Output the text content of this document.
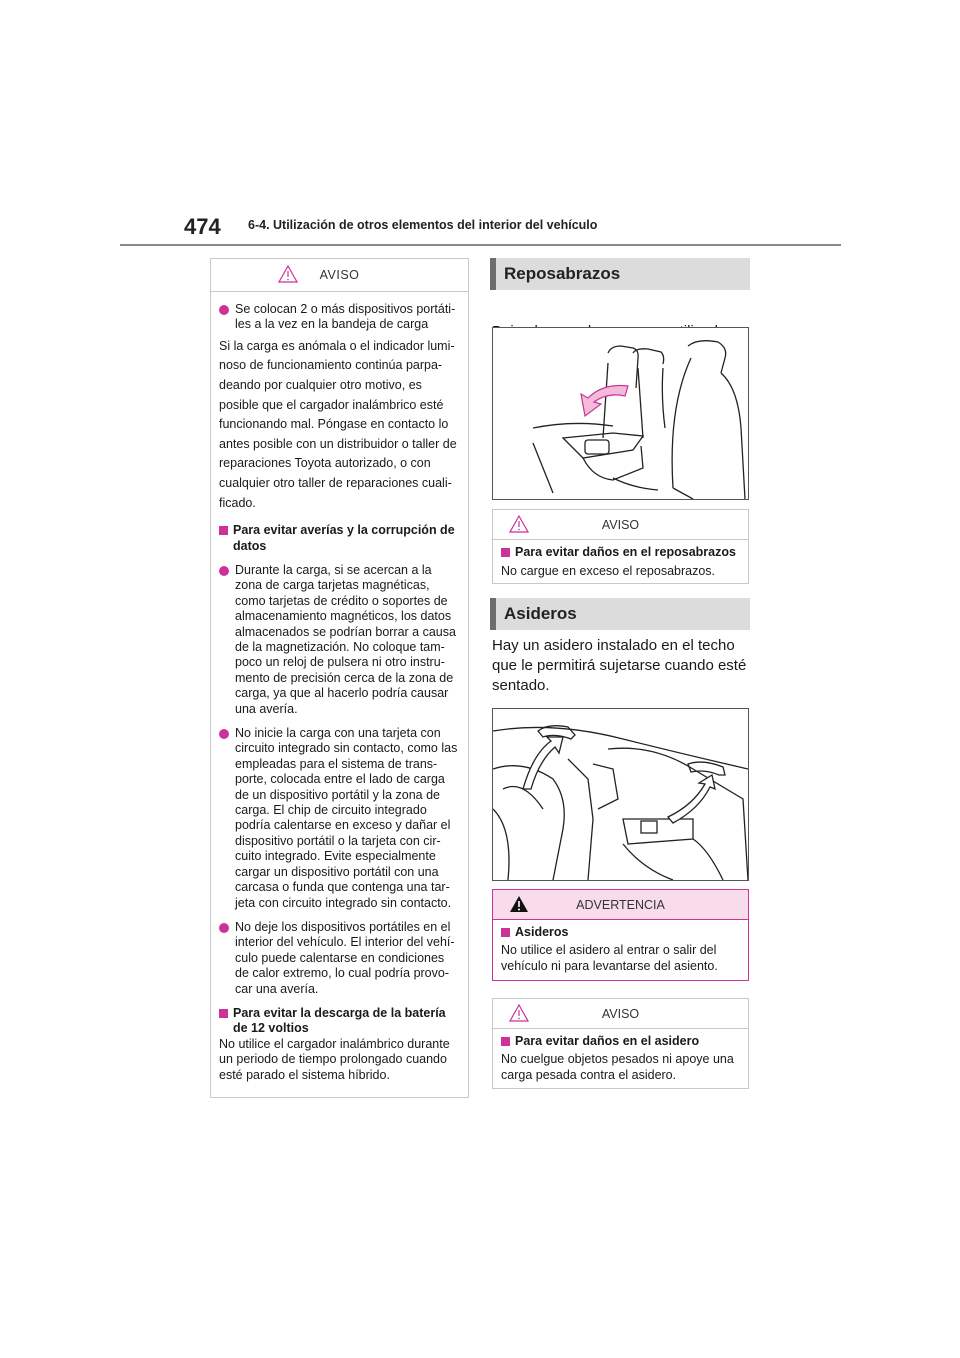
474 6-4. Utilización de otros elementos del interior del vehículo
AVISO

Se colocan 2 o más dispositivos portáti-

les a la vez en la bandeja de carga

Si la carga es anómala o el indicador lumi-

noso de funcionamiento continúa parpa-

deando por cualquier otro motivo, es

posible que el cargador inalámbrico esté

funcionando mal. Póngase en contacto lo

antes posible con un distribuidor o taller de

reparaciones Toyota autorizado, o con

cualquier otro taller de reparaciones cuali-

ficado.

Para evitar averías y la corrupción de

datos

Durante la carga, si se acercan a la

zona de carga tarjetas magnéticas,

como tarjetas de crédito o soportes de

almacenamiento magnéticos, los datos

almacenados se podrían borrar a causa

de la magnetización. No coloque tam-

poco un reloj de pulsera ni otro instru-

mento de precisión cerca de la zona de

carga, ya que al hacerlo podría causar

una avería.

No inicie la carga con una tarjeta con

circuito integrado sin contacto, como las

empleadas para el sistema de trans-

porte, colocada entre el lado de carga

de un dispositivo portátil y la zona de

carga. El chip de circuito integrado

podría calentarse en exceso y dañar el

dispositivo portátil o la tarjeta con cir-

cuito integrado. Evite especialmente

cargar un dispositivo portátil con una

carcasa o funda que contenga una tar-

jeta con circuito integrado sin contacto.

No deje los dispositivos portátiles en el

interior del vehículo. El interior del vehí-

culo puede calentarse en condiciones

de calor extremo, lo cual podría provo-

car una avería.

Para evitar la descarga de la batería

de 12 voltios

No utilice el cargador inalámbrico durante

un periodo de tiempo prolongado cuando

esté parado el sistema híbrido.

Reposabrazos
AVISO
Para evitar daños en el reposabrazos

No cargue en exceso el reposabrazos.

Asideros
Hay un asidero instalado en el techo
que le permitirá sujetarse cuando esté
sentado.
ADVERTENCIA
Asideros

No utilice el asidero al entrar o salir del

vehículo ni para levantarse del asiento.

AVISO
Para evitar daños en el asidero

No cuelgue objetos pesados ni apoye una

carga pesada contra el asidero.
